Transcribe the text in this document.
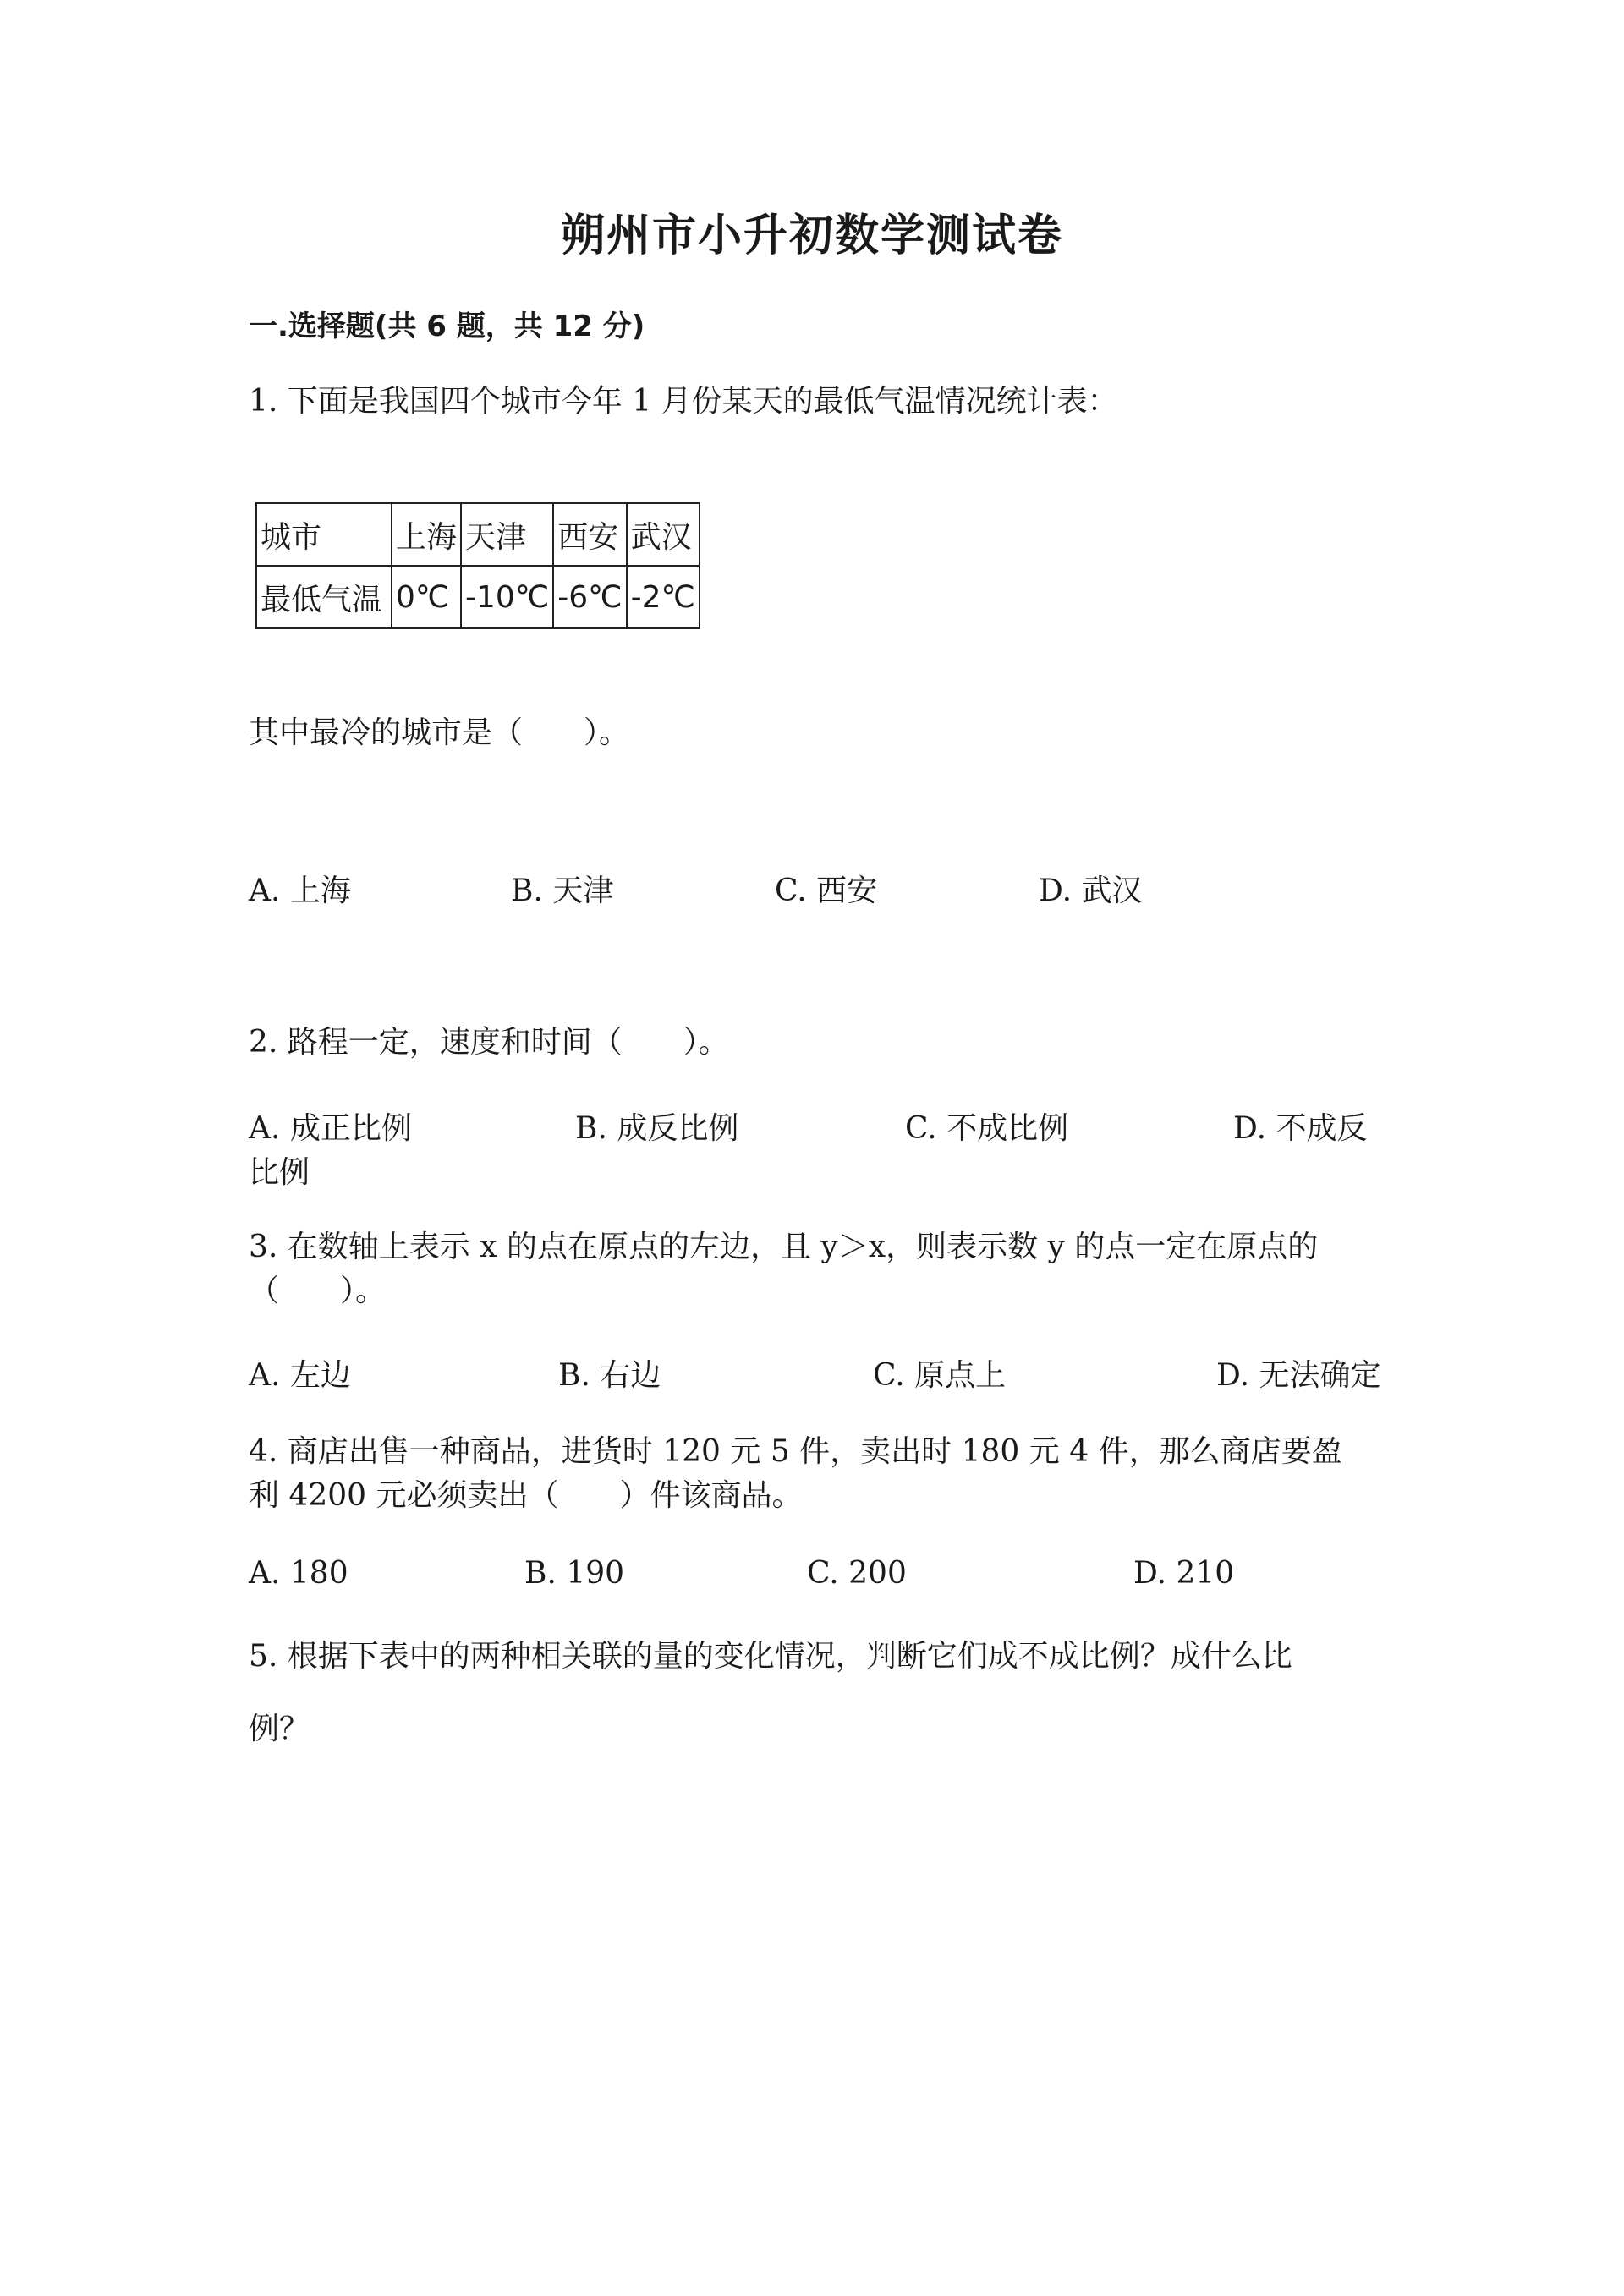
朔州市小升初数学测试卷
一.选择题(共 6 题，共 12 分)
1. 下面是我国四个城市今年 1 月份某天的最低气温情况统计表：
城市	上海	天津	西安	武汉
最低气温	0℃	-10℃	-6℃	-2℃
其中最冷的城市是（　　）。
A. 上海	B. 天津	C. 西安	D. 武汉
2. 路程一定，速度和时间（　　）。
A. 成正比例	B. 成反比例	C. 不成比例	D. 不成反
比例
3. 在数轴上表示 x 的点在原点的左边，且 y＞x，则表示数 y 的点一定在原点的
（　　）。
A. 左边	B. 右边	C. 原点上	D. 无法确定
4. 商店出售一种商品，进货时 120 元 5 件，卖出时 180 元 4 件，那么商店要盈
利 4200 元必须卖出（　　）件该商品。
A. 180	B. 190	C. 200	D. 210
5. 根据下表中的两种相关联的量的变化情况，判断它们成不成比例？成什么比
例？
